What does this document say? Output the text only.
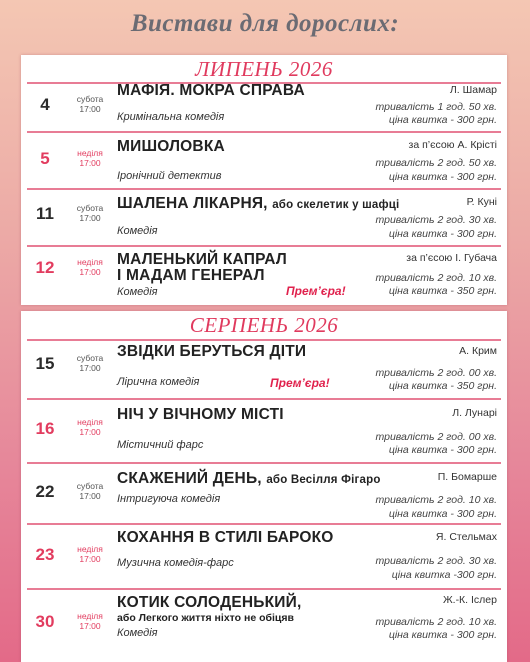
Вистави для дорослих:
ЛИПЕНЬ 2026
4	субота
17:00
МАФІЯ. МОКРА СПРАВА	Л. Шамар
Кримінальна комедія
тривалість 1 год. 50 хв.
ціна квитка - 300 грн.
5	неділя
17:00
МИШОЛОВКА	за п’єсою А. Крісті
Іронічний детектив
тривалість 2 год. 50 хв.
ціна квитка - 300 грн.
11	субота
17:00
ШАЛЕНА ЛІКАРНЯ, або скелетик у шафці	Р. Куні
Комедія
тривалість 2 год. 30 хв.
ціна квитка - 300 грн.
12	неділя
17:00
МАЛЕНЬКИЙ КАПРАЛ
І МАДАМ ГЕНЕРАЛ
за п’єсою І. Губача
Комедія	Прем’єра!
тривалість 2 год. 10 хв.
ціна квитка - 350 грн.
СЕРПЕНЬ 2026
15	субота
17:00
ЗВІДКИ БЕРУТЬСЯ ДІТИ	А. Крим
Лірична комедія	Прем’єра!
тривалість 2 год. 00 хв.
ціна квитка - 350 грн.
16	неділя
17:00
НІЧ У ВІЧНОМУ МІСТІ	Л. Лунарі
Містичний фарс
тривалість 2 год. 00 хв.
ціна квитка - 300 грн.
22	субота
17:00
СКАЖЕНИЙ ДЕНЬ, або Весілля Фігаро	П. Бомарше
Інтригуюча комедія	тривалість 2 год. 10 хв.
ціна квитка - 300 грн.
23	неділя
17:00
КОХАННЯ В СТИЛІ БАРОКО	Я. Стельмах
Музична комедія-фарс	тривалість 2 год. 30 хв.
ціна квитка -300 грн.
30	неділя
17:00
КОТИК СОЛОДЕНЬКИЙ,
або Легкого життя ніхто не обіцяв
Ж.-К. Іслер
Комедія
тривалість 2 год. 10 хв.
ціна квитка - 300 грн.
